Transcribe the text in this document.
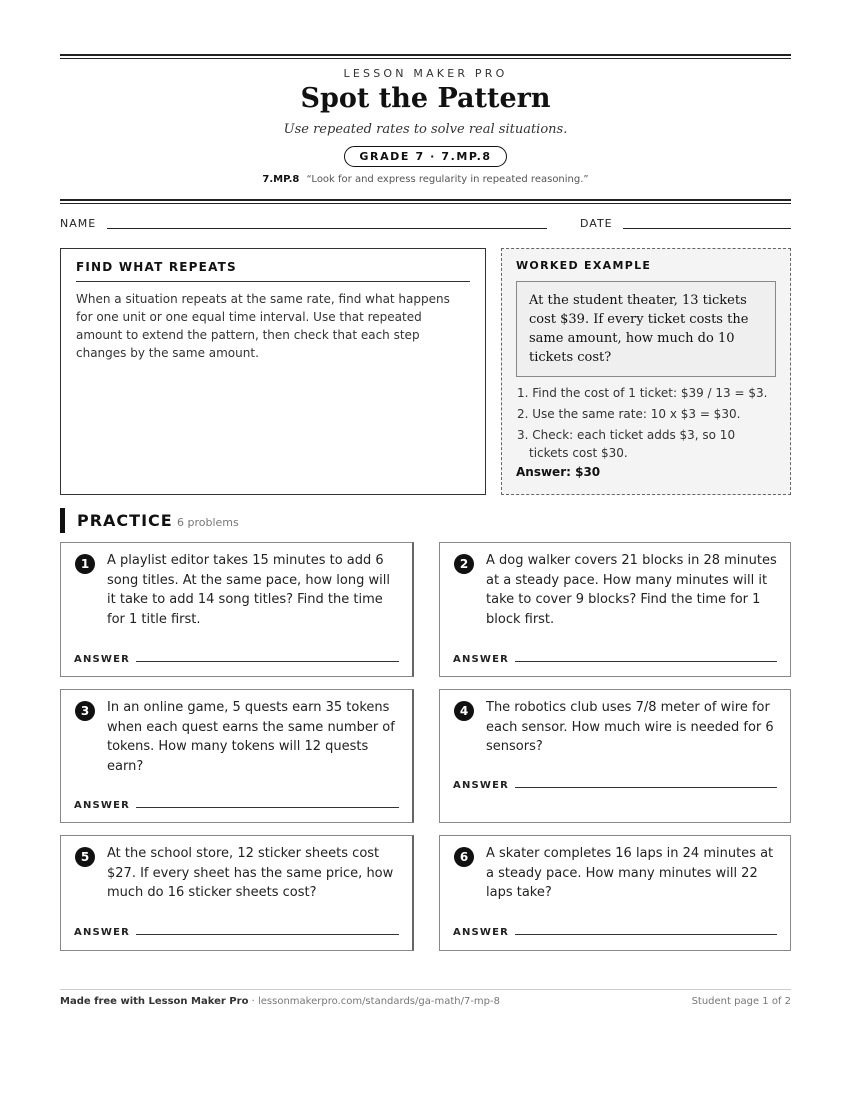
LESSON MAKER PRO
Spot the Pattern
Use repeated rates to solve real situations.
GRADE 7 · 7.MP.8
7.MP.8 “Look for and express regularity in repeated reasoning.”
NAME	DATE
FIND WHAT REPEATS
When a situation repeats at the same rate, find what happens for one unit or one equal time interval. Use that repeated amount to extend the pattern, then check that each step changes by the same amount.
WORKED EXAMPLE
At the student theater, 13 tickets cost $39. If every ticket costs the same amount, how much do 10 tickets cost?
1. Find the cost of 1 ticket: $39 / 13 = $3.
2. Use the same rate: 10 x $3 = $30.
3. Check: each ticket adds $3, so 10 tickets cost $30.
Answer: $30
PRACTICE 6 problems
1	A playlist editor takes 15 minutes to add 6 song titles. At the same pace, how long will it take to add 14 song titles? Find the time for 1 title first.
ANSWER
2	A dog walker covers 21 blocks in 28 minutes at a steady pace. How many minutes will it take to cover 9 blocks? Find the time for 1 block first.
ANSWER
3	In an online game, 5 quests earn 35 tokens when each quest earns the same number of tokens. How many tokens will 12 quests earn?
ANSWER
4	The robotics club uses 7/8 meter of wire for each sensor. How much wire is needed for 6 sensors?
ANSWER
5	At the school store, 12 sticker sheets cost $27. If every sheet has the same price, how much do 16 sticker sheets cost?
ANSWER
6	A skater completes 16 laps in 24 minutes at a steady pace. How many minutes will 22 laps take?
ANSWER
Made free with Lesson Maker Pro · lessonmakerpro.com/standards/ga-math/7-mp-8	Student page 1 of 2
